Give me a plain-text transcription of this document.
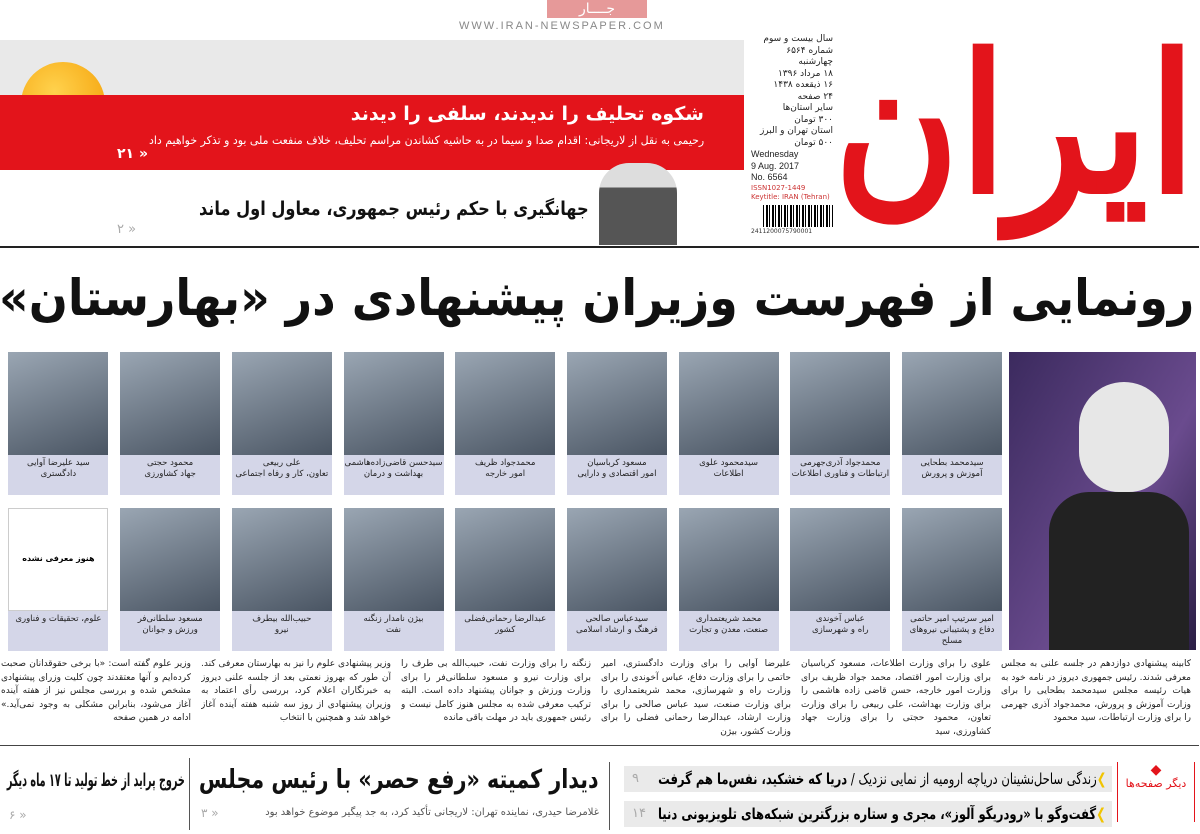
جــــار
WWW.IRAN-NEWSPAPER.COM
شکوه تحلیف را ندیدند، سلفی را دیدند

رحیمی به نقل از لاریجانی: اقدام صدا و سیما در به حاشیه کشاندن مراسم تحلیف، خلاف منفعت ملی بود و تذکر خواهیم داد

« ۲۱
جهانگیری با حکم رئیس جمهوری، معاول اول ماند
« ۲
سال بیست و سوم
شماره ۶۵۶۴
چهارشنبه
۱۸ مرداد ۱۳۹۶
۱۶ ذیقعده ۱۴۳۸
۲۴ صفحه
سایر استان‌ها
۳۰۰ تومان
استان تهران و البرز
۵۰۰ تومان
Wednesday
9 Aug. 2017
No. 6564
ISSN1027-1449
Keytitle: IRAN (Tehran)
2411200075790001 ایران
رونمایی از فهرست وزیران پیشنهادی در «بهارستان»
سیدمحمد بطحایی
آموزش و پرورش
محمدجواد آذری‌جهرمی
ارتباطات و فناوری اطلاعات
سیدمحمود علوی
اطلاعات
مسعود کرباسیان
امور اقتصادی و دارایی
محمدجواد ظریف
امور خارجه
سیدحسن قاضی‌زاده‌هاشمی
بهداشت و درمان
علی ربیعی
تعاون، کار و رفاه اجتماعی
محمود حجتی
جهاد کشاورزی
سید علیرضا آوایی
دادگستری
امیر سرتیپ امیر حاتمی
دفاع و پشتیبانی نیروهای مسلح
عباس آخوندی
راه و شهرسازی
محمد شریعتمداری
صنعت، معدن و تجارت
سیدعباس صالحی
فرهنگ و ارشاد اسلامی
عبدالرضا رحمانی‌فضلی
کشور
بیژن نامدار زنگنه
نفت
حبیب‌الله بیطرف
نیرو
مسعود سلطانی‌فر
ورزش و جوانان
هنوز معرفی نشده
علوم، تحقیقات و فناوری
کابینه پیشنهادی دوازدهم در جلسه علنی به مجلس معرفی شدند. رئیس جمهوری دیروز در نامه خود به هیات رئیسه مجلس سیدمحمد بطحایی را برای وزارت آموزش و پرورش، محمدجواد آذری جهرمی را برای وزارت ارتباطات، سید محمود
علوی را برای وزارت اطلاعات، مسعود کرباسیان برای وزارت امور اقتصاد، محمد جواد ظریف برای وزارت امور خارجه، حسن قاضی زاده هاشمی را برای وزارت بهداشت، علی ربیعی را برای وزارت تعاون، محمود حجتی را برای وزارت جهاد کشاورزی، سید
علیرضا آوایی را برای وزارت دادگستری، امیر حاتمی را برای وزارت دفاع، عباس آخوندی را برای وزارت راه و شهرسازی، محمد شریعتمداری را برای وزارت صنعت، سید عباس صالحی را برای وزارت ارشاد، عبدالرضا رحمانی فضلی را برای وزارت کشور، بیژن
زنگنه را برای وزارت نفت، حبیب‌الله بی طرف را برای وزارت نیرو و مسعود سلطانی‌فر را برای وزارت ورزش و جوانان پیشنهاد داده است. البته ترکیب معرفی شده به مجلس هنوز کامل نیست و رئیس جمهوری باید در مهلت باقی مانده
وزیر پیشنهادی علوم را نیز به بهارستان معرفی کند. آن طور که بهروز نعمتی بعد از جلسه علنی دیروز به خبرنگاران اعلام کرد، بررسی رأی اعتماد به وزیران پیشنهادی از روز سه شنبه هفته آینده آغاز خواهد شد و همچنین با انتخاب
وزیر علوم گفته است: «با برخی حقوقدانان صحبت کرده‌ایم و آنها معتقدند چون کلیت وزرای پیشنهادی مشخص شده و بررسی مجلس نیز از هفته آینده آغاز می‌شود، بنابراین مشکلی به وجود نمی‌آید.» ادامه در همین صفحه
◆
دیگر صفحه‌ها
❯زندگی ساحل‌نشینان دریاچه ارومیه از نمایی نزدیک / دریا که خشکید، نفس‌ما هم گرفت
۹
❯گفت‌وگو با «رودریگو آلوز»، مجری و ستاره بزرگترین شبکه‌های تلویزیونی دنیا
۱۴
دیدار کمیته «رفع حصر» با رئیس مجلس
غلامرضا حیدری، نماینده تهران: لاریجانی تأکید کرد، به جد پیگیر موضوع خواهد بود
« ۳
خروج پراید از خط تولید تا ۱۷ ماه دیگر
« ۶
